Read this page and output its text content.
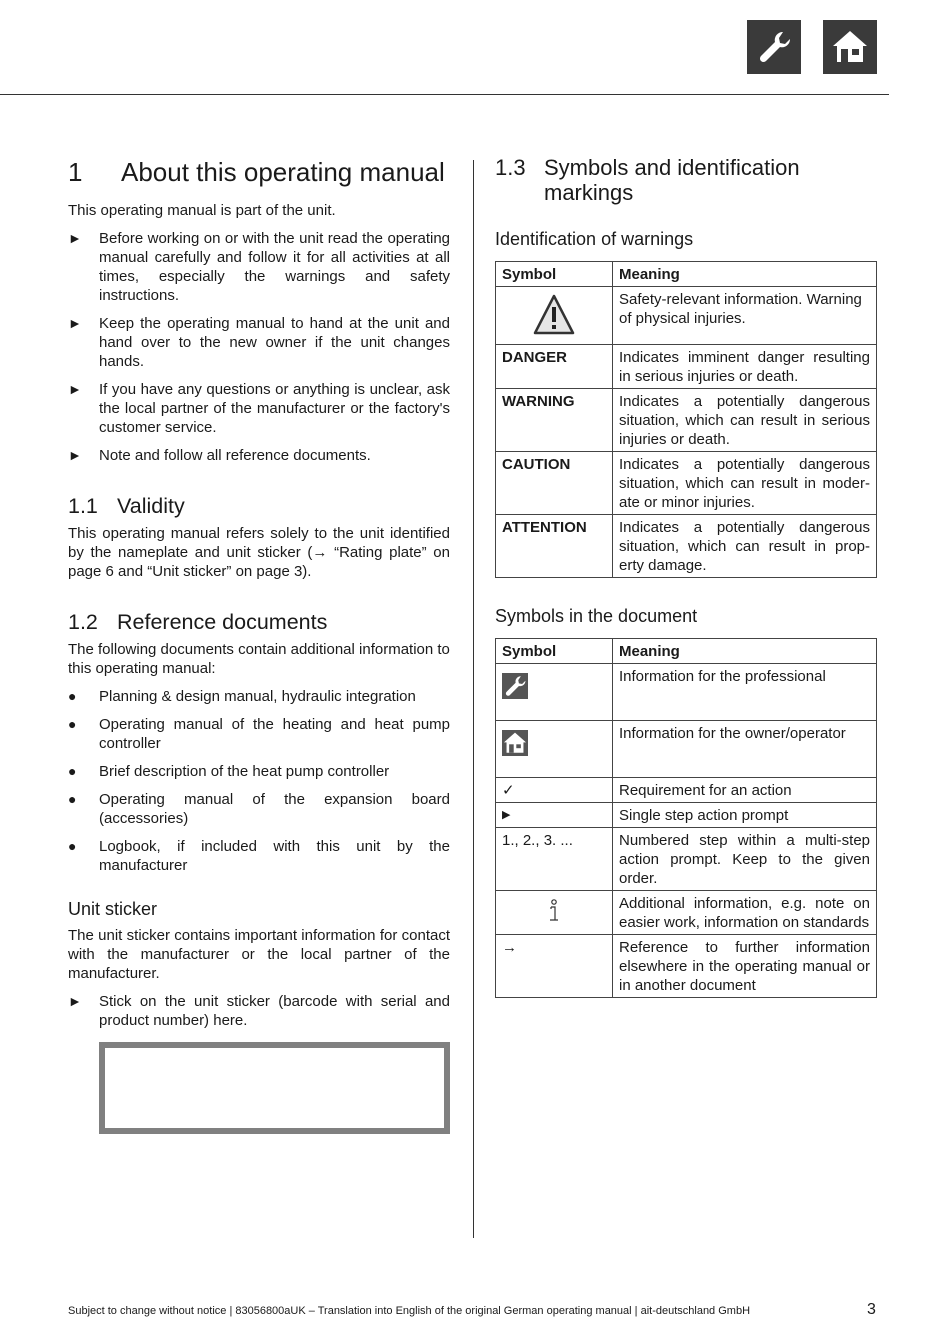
1	About this operating manual

This operating manual is part of the unit.

► Before working on or with the unit read the operating manual carefully and follow it for all activities at all times, especially the warnings and safety instructions.
► Keep the operating manual to hand at the unit and hand over to the new owner if the unit changes hands.
► If you have any questions or anything is unclear, ask the local partner of the manufacturer or the factory's customer service.
► Note and follow all reference documents.
1.1 Validity

This operating manual refers solely to the unit identified by the nameplate and unit sticker (→ “Rating plate” on page 6 and “Unit sticker” on page 3).

1.2 Reference documents

The following documents contain additional information to this operating manual:

● Planning & design manual, hydraulic integration
● Operating manual of the heating and heat pump controller
● Brief description of the heat pump controller
● Operating manual of the expansion board (accessories)
● Logbook, if included with this unit by the manufacturer
Unit sticker

The unit sticker contains important information for contact with the manufacturer or the local partner of the manufacturer.

► Stick on the unit sticker (barcode with serial and product number) here.
1.3 Symbols and identification
markings
Identification of warnings
Symbol	Meaning
	Safety-relevant information. Warning of physical injuries.
DANGER	Indicates imminent danger resulting in serious injuries or death.
WARNING	Indicates a potentially dangerous situation, which can result in serious injuries or death.
CAUTION	Indicates a potentially dangerous situation, which can result in moder-ate or minor injuries.
ATTENTION	Indicates a potentially dangerous situation, which can result in prop-erty damage.
Symbols in the document
Symbol	Meaning
	Information for the professional
	Information for the owner/operator
✓	Requirement for an action
▶	Single step action prompt
1., 2., 3. ...	Numbered step within a multi-step action prompt. Keep to the given order.
	Additional information, e.g. note on easier work, information on standards
→	Reference to further information elsewhere in the operating manual or in another document
Subject to change without notice | 83056800aUK – Translation into English of the original German operating manual | ait-deutschland GmbH	3
